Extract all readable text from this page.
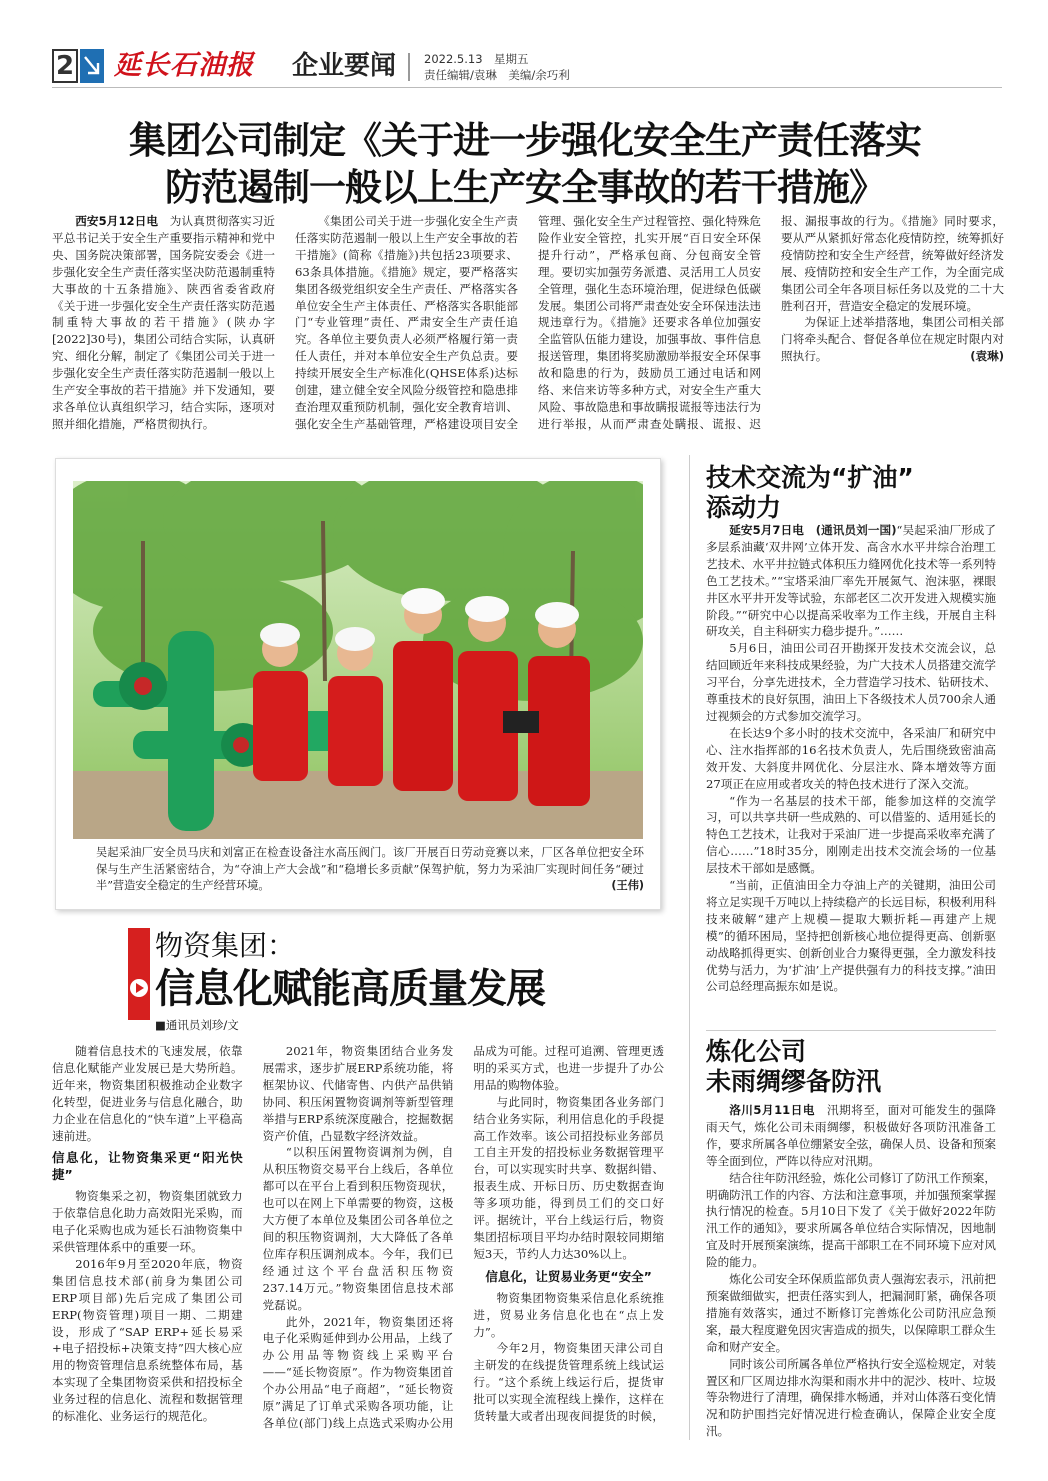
2 延长石油报	企业要闻 2022.5.13　星期五
责任编辑/袁琳　美编/余巧利
集团公司制定《关于进一步强化安全生产责任落实
防范遏制一般以上生产安全事故的若干措施》

西安5月12日电　 为认真贯彻落实习近平总书记关于安全生产重要指示精神和党中央、国务院决策部署，国务院安委会《进一步强化安全生产责任落实坚决防范遏制重特大事故的十五条措施》、陕西省委省政府《关于进一步强化安全生产责任落实防范遏制重特大事故的若干措施》(陕办字[2022]30号)，集团公司结合实际，认真研究、细化分解，制定了《集团公司关于进一步强化安全生产责任落实防范遏制一般以上生产安全事故的若干措施》并下发通知，要求各单位认真组织学习，结合实际，逐项对照并细化措施，严格贯彻执行。

《集团公司关于进一步强化安全生产责任落实防范遏制一般以上生产安全事故的若干措施》(简称《措施》)共包括23项要求、63条具体措施。《措施》规定，要严格落实集团各级党组织安全生产责任、严格落实各单位安全生产主体责任、严格落实各职能部门“专业管理”责任、严肃安全生产责任追究。各单位主要负责人必须严格履行第一责任人责任，并对本单位安全生产负总责。要持续开展安全生产标准化(QHSE体系)达标创建，建立健全安全风险分级管控和隐患排查治理双重预防机制，强化安全教育培训、强化安全生产基础管理，严格建设项目安全管理、强化安全生产过程管控、强化特殊危险作业安全管控，扎实开展“百日安全环保提升行动”，严格承包商、分包商安全管理。要切实加强劳务派遣、灵活用工人员安全管理，强化生态环境治理，促进绿色低碳发展。集团公司将严肃查处安全环保违法违规违章行为。《措施》还要求各单位加强安全监管队伍能力建设，加强事故、事件信息报送管理，集团将奖励激励举报安全环保事故和隐患的行为，鼓励员工通过电话和网络、来信来访等多种方式，对安全生产重大风险、事故隐患和事故瞒报谎报等违法行为进行举报，从而严肃查处瞒报、谎报、迟报、漏报事故的行为。《措施》同时要求，要从严从紧抓好常态化疫情防控，统筹抓好疫情防控和安全生产经营，统筹做好经济发展、疫情防控和安全生产工作，为全面完成集团公司全年各项目标任务以及党的二十大胜利召开，营造安全稳定的发展环境。

为保证上述举措落地，集团公司相关部门将牵头配合、督促各单位在规定时限内对照执行。	(袁琳)

吴起采油厂安全员马庆和刘富正在检查设备注水高压阀门。该厂开展百日劳动竞赛以来，厂区各单位把安全环保与生产生活紧密结合，为“夺油上产大会战”和“稳增长多贡献”保驾护航，努力为采油厂实现时间任务“硬过半”营造安全稳定的生产经营环境。	(王伟)

物资集团：
信息化赋能高质量发展
■通讯员刘珍/文

随着信息技术的飞速发展，依靠信息化赋能产业发展已是大势所趋。近年来，物资集团积极推动企业数字化转型，促进业务与信息化融合，助力企业在信息化的“快车道”上平稳高速前进。

信息化，让物资集采更“阳光快捷”

物资集采之初，物资集团就致力于依靠信息化助力高效阳光采购，而电子化采购也成为延长石油物资集中采供管理体系中的重要一环。

2016年9月至2020年底，物资集团信息技术部(前身为集团公司ERP项目部)先后完成了集团公司ERP(物资管理)项目一期、二期建设，形成了“SAP ERP+延长易采+电子招投标+决策支持”四大核心应用的物资管理信息系统整体布局，基本实现了全集团物资采供和招投标全业务过程的信息化、流程和数据管理的标准化、业务运行的规范化。

2021年，物资集团结合业务发展需求，逐步扩展ERP系统功能，将框架协议、代储寄售、内供产品供销协同、积压闲置物资调剂等新型管理举措与ERP系统深度融合，挖掘数据资产价值，凸显数字经济效益。

“以积压闲置物资调剂为例，自从积压物资交易平台上线后，各单位都可以在平台上看到积压物资现状，也可以在网上下单需要的物资，这极大方便了本单位及集团公司各单位之间的积压物资调剂，大大降低了各单位库存积压调剂成本。今年，我们已经通过这个平台盘活积压物资237.14万元。”物资集团信息技术部党磊说。

此外，2021年，物资集团还将电子化采购延伸到办公用品，上线了办公用品等物资线上采购平台——“延长物资原”。作为物资集团首个办公用品“电子商超”，“延长物资原”满足了订单式采购各项功能，让各单位(部门)线上点选式采购办公用品成为可能。过程可追溯、管理更透明的采买方式，也进一步提升了办公用品的购物体验。

与此同时，物资集团各业务部门结合业务实际，利用信息化的手段提高工作效率。该公司招投标业务部员工自主开发的招投标业务数据管理平台，可以实现实时共享、数据纠错、报表生成、开标日历、历史数据查询等多项功能，得到员工们的交口好评。据统计，平台上线运行后，物资集团招标项目平均办结时限较同期缩短3天，节约人力达30%以上。

信息化，让贸易业务更“安全”

物资集团物资集采信息化系统推进，贸易业务信息化也在“点上发力”。

今年2月，物资集团天津公司自主研发的在线提货管理系统上线试运行。“这个系统上线运行后，提货审批可以实现全流程线上操作，这样在货转量大或者出现夜间提货的时候，

技术交流为“扩油”
添动力

延安5月7日电　 (通讯员刘一国)“吴起采油厂形成了多层系油藏‘双井网’立体开发、高含水水平井综合治理工艺技术、水平井拉链式体积压力缝网优化技术等一系列特色工艺技术。”“宝塔采油厂率先开展氮气、泡沫驱，裸眼井区水平井开发等试验，东部老区二次开发进入规模实施阶段。”“研究中心以提高采收率为工作主线，开展自主科研攻关，自主科研实力稳步提升。”……

5月6日，油田公司召开勘探开发技术交流会议，总结回顾近年来科技成果经验，为广大技术人员搭建交流学习平台，分享先进技术，全力营造学习技术、钻研技术、尊重技术的良好氛围，油田上下各级技术人员700余人通过视频会的方式参加交流学习。

在长达9个多小时的技术交流中，各采油厂和研究中心、注水指挥部的16名技术负责人，先后围绕致密油高效开发、大斜度井网优化、分层注水、降本增效等方面27项正在应用或者攻关的特色技术进行了深入交流。

“作为一名基层的技术干部，能参加这样的交流学习，可以共享共研一些成熟的、可以借鉴的、适用延长的特色工艺技术，让我对于采油厂进一步提高采收率充满了信心……”18时35分，刚刚走出技术交流会场的一位基层技术干部如是感慨。

“当前，正值油田全力夺油上产的关键期，油田公司将立足实现千万吨以上持续稳产的长远目标，积极利用科技来破解“建产上规模—提取大颗折耗—再建产上规模”的循环困局，坚持把创新核心地位提得更高、创新驱动战略抓得更实、创新创业合力聚得更强，全力激发科技优势与活力，为‘扩油’上产提供强有力的科技支撑。”油田公司总经理高振东如是说。

炼化公司
未雨绸缪备防汛

洛川5月11日电　 汛期将至，面对可能发生的强降雨天气，炼化公司未雨绸缪，积极做好各项防汛准备工作，要求所属各单位绷紧安全弦，确保人员、设备和预案等全面到位，严阵以待应对汛期。

结合往年防汛经验，炼化公司修订了防汛工作预案，明确防汛工作的内容、方法和注意事项，并加强预案掌握执行情况的检查。5月10日下发了《关于做好2022年防汛工作的通知》，要求所属各单位结合实际情况，因地制宜及时开展预案演练，提高干部职工在不同环境下应对风险的能力。

炼化公司安全环保质监部负责人强海宏表示，汛前把预案做细做实，把责任落实到人，把漏洞盯紧，确保各项措施有效落实，通过不断修订完善炼化公司防汛应急预案，最大程度避免因灾害造成的损失，以保障职工群众生命和财产安全。

同时该公司所属各单位严格执行安全巡检规定，对装置区和厂区周边排水沟渠和雨水井中的泥沙、枝叶、垃圾等杂物进行了清理，确保排水畅通，并对山体落石变化情况和防护围挡完好情况进行检查确认，保障企业安全度汛。
